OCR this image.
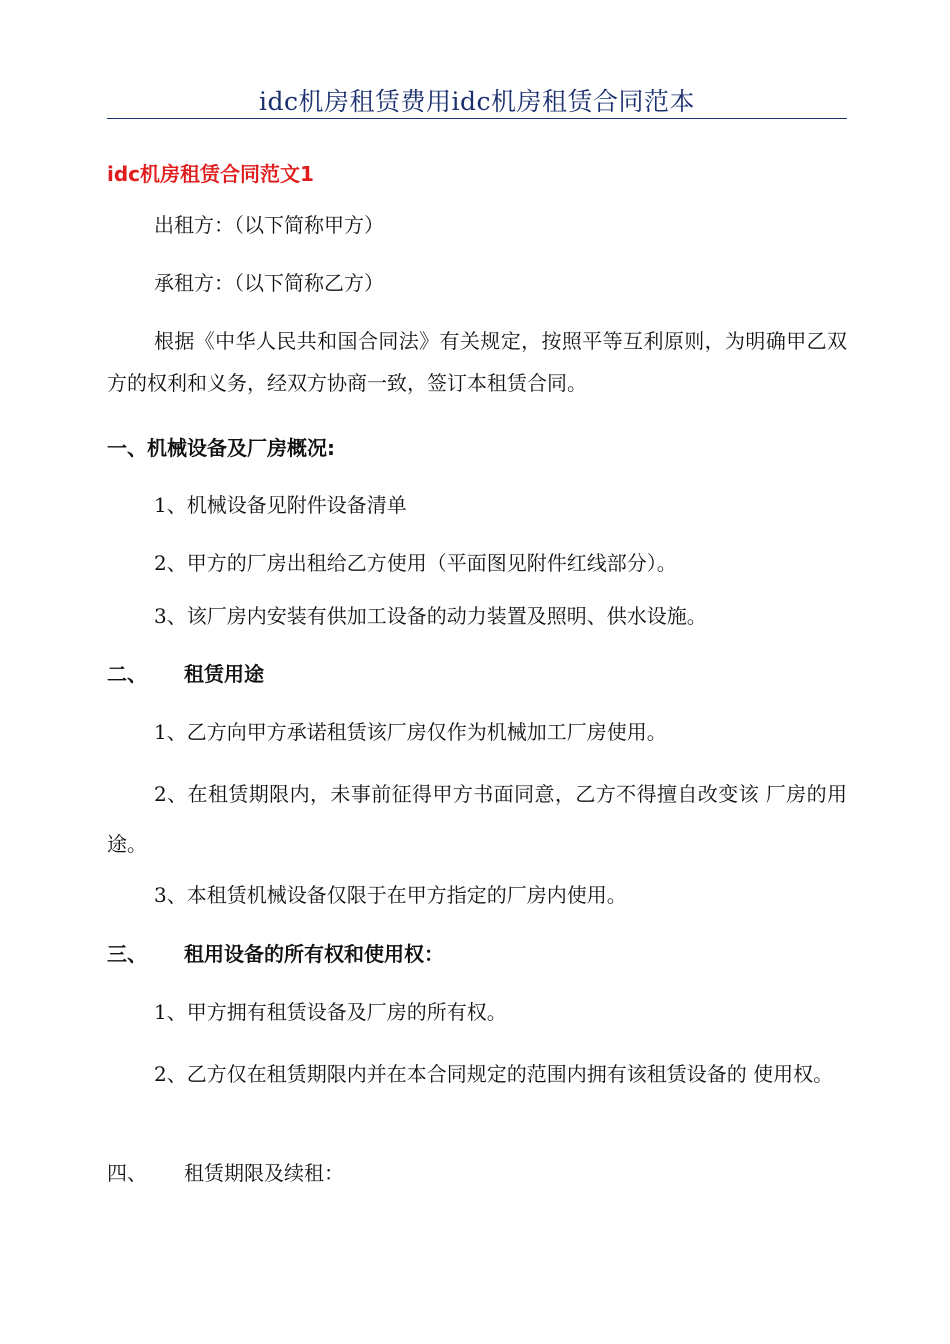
idc机房租赁费用idc机房租赁合同范本
idc机房租赁合同范文1
出租方：（以下简称甲方）
承租方：（以下简称乙方）
根据《中华人民共和国合同法》有关规定，按照平等互利原则，为明确甲乙双方的权利和义务，经双方协商一致，签订本租赁合同。
一、机械设备及厂房概况:
1、机械设备见附件设备清单
2、甲方的厂房出租给乙方使用（平面图见附件红线部分）。
3、该厂房内安装有供加工设备的动力装置及照明、供水设施。
二、 租赁用途
1、乙方向甲方承诺租赁该厂房仅作为机械加工厂房使用。
2、在租赁期限内，未事前征得甲方书面同意，乙方不得擅自改变该 厂房的用途。
3、本租赁机械设备仅限于在甲方指定的厂房内使用。
三、 租用设备的所有权和使用权：
1、甲方拥有租赁设备及厂房的所有权。
2、乙方仅在租赁期限内并在本合同规定的范围内拥有该租赁设备的 使用权。
四、 租赁期限及续租：
